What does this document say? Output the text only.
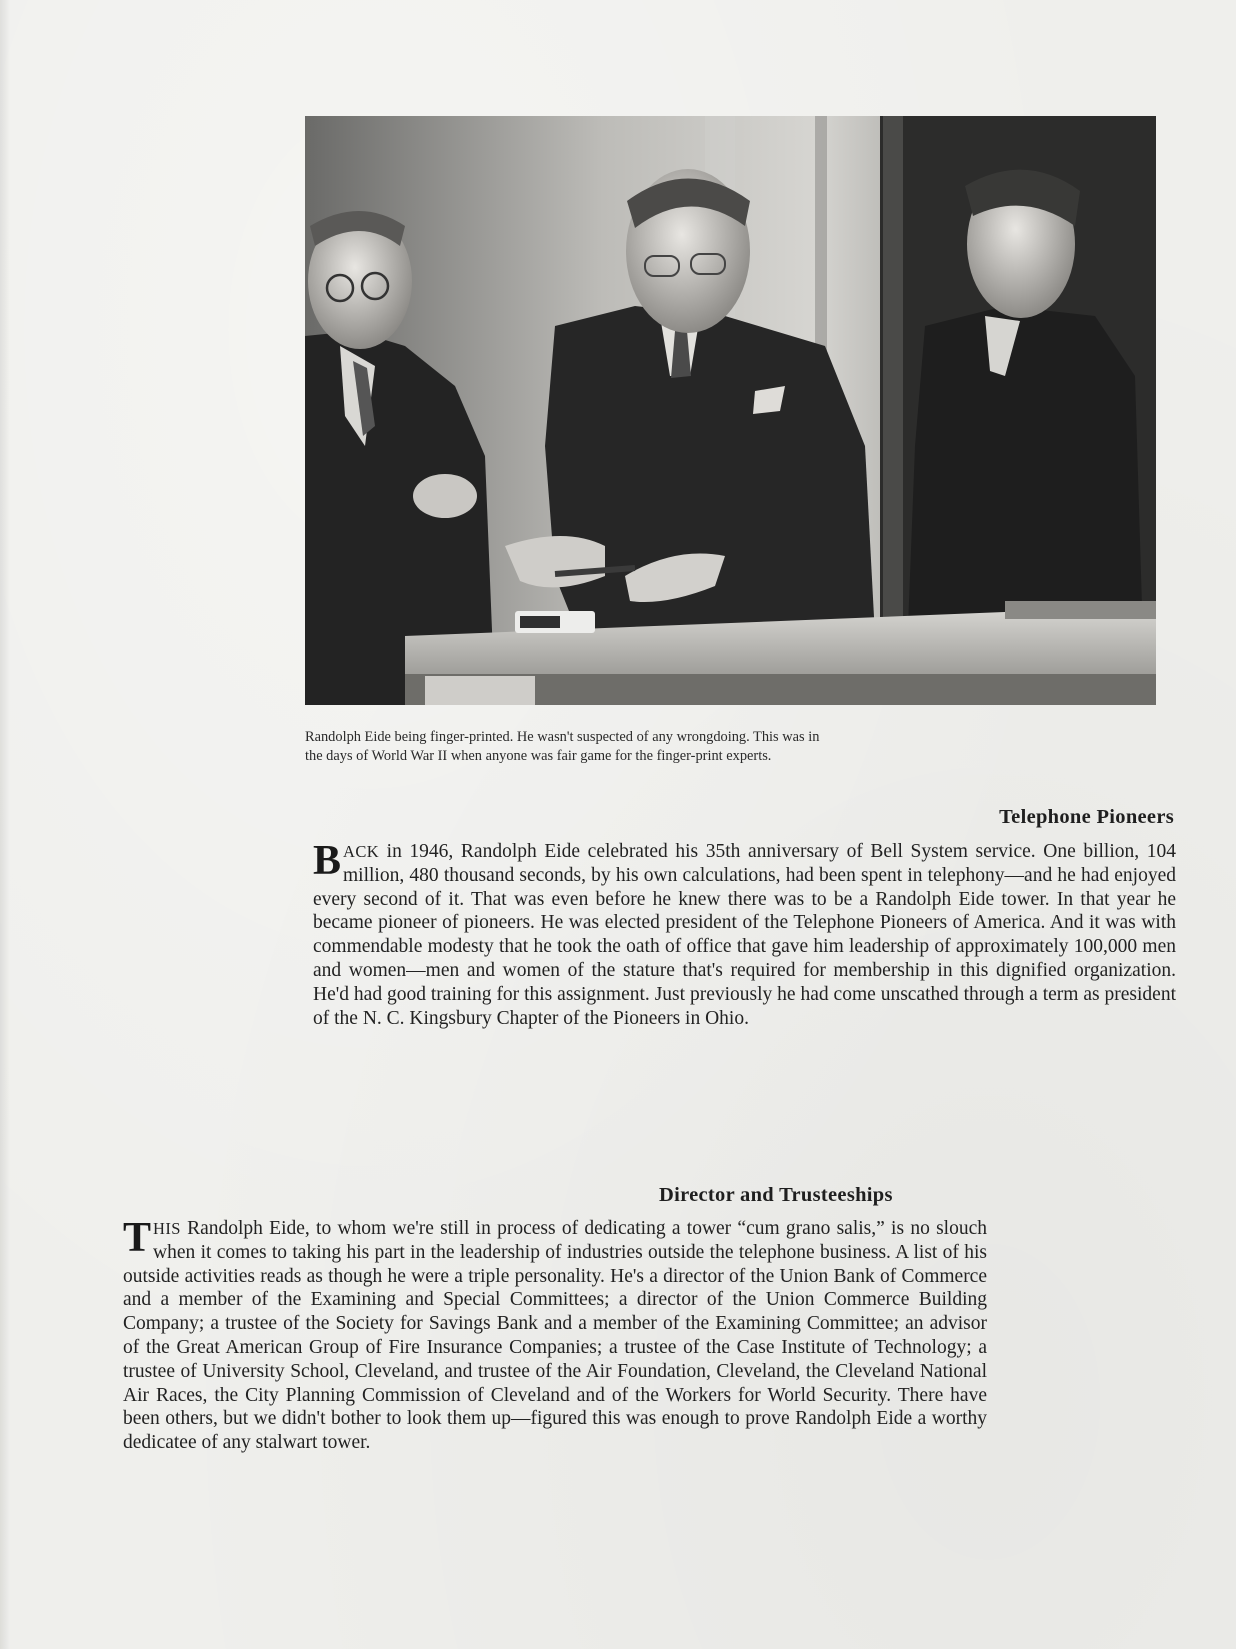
Randolph Eide being finger-printed. He wasn't suspected of any wrongdoing. This was in the days of World War II when anyone was fair game for the finger-print experts.
Telephone Pioneers
BACK in 1946, Randolph Eide celebrated his 35th anniversary of Bell System service. One billion, 104 million, 480 thousand seconds, by his own calculations, had been spent in telephony—and he had enjoyed every second of it. That was even before he knew there was to be a Randolph Eide tower. In that year he became pioneer of pioneers. He was elected president of the Telephone Pioneers of America. And it was with commendable modesty that he took the oath of office that gave him leadership of approximately 100,000 men and women—men and women of the stature that's required for membership in this dignified organization. He'd had good training for this assignment. Just previously he had come unscathed through a term as president of the N. C. Kingsbury Chapter of the Pioneers in Ohio.
Director and Trusteeships
THIS Randolph Eide, to whom we're still in process of dedicating a tower “cum grano salis,” is no slouch when it comes to taking his part in the leadership of industries outside the telephone business. A list of his outside activities reads as though he were a triple personality. He's a director of the Union Bank of Commerce and a member of the Examining and Special Committees; a director of the Union Commerce Building Company; a trustee of the Society for Savings Bank and a member of the Examining Committee; an advisor of the Great American Group of Fire Insurance Companies; a trustee of the Case Institute of Technology; a trustee of University School, Cleveland, and trustee of the Air Foundation, Cleveland, the Cleveland National Air Races, the City Planning Commission of Cleveland and of the Workers for World Security. There have been others, but we didn't bother to look them up—figured this was enough to prove Randolph Eide a worthy dedicatee of any stalwart tower.
